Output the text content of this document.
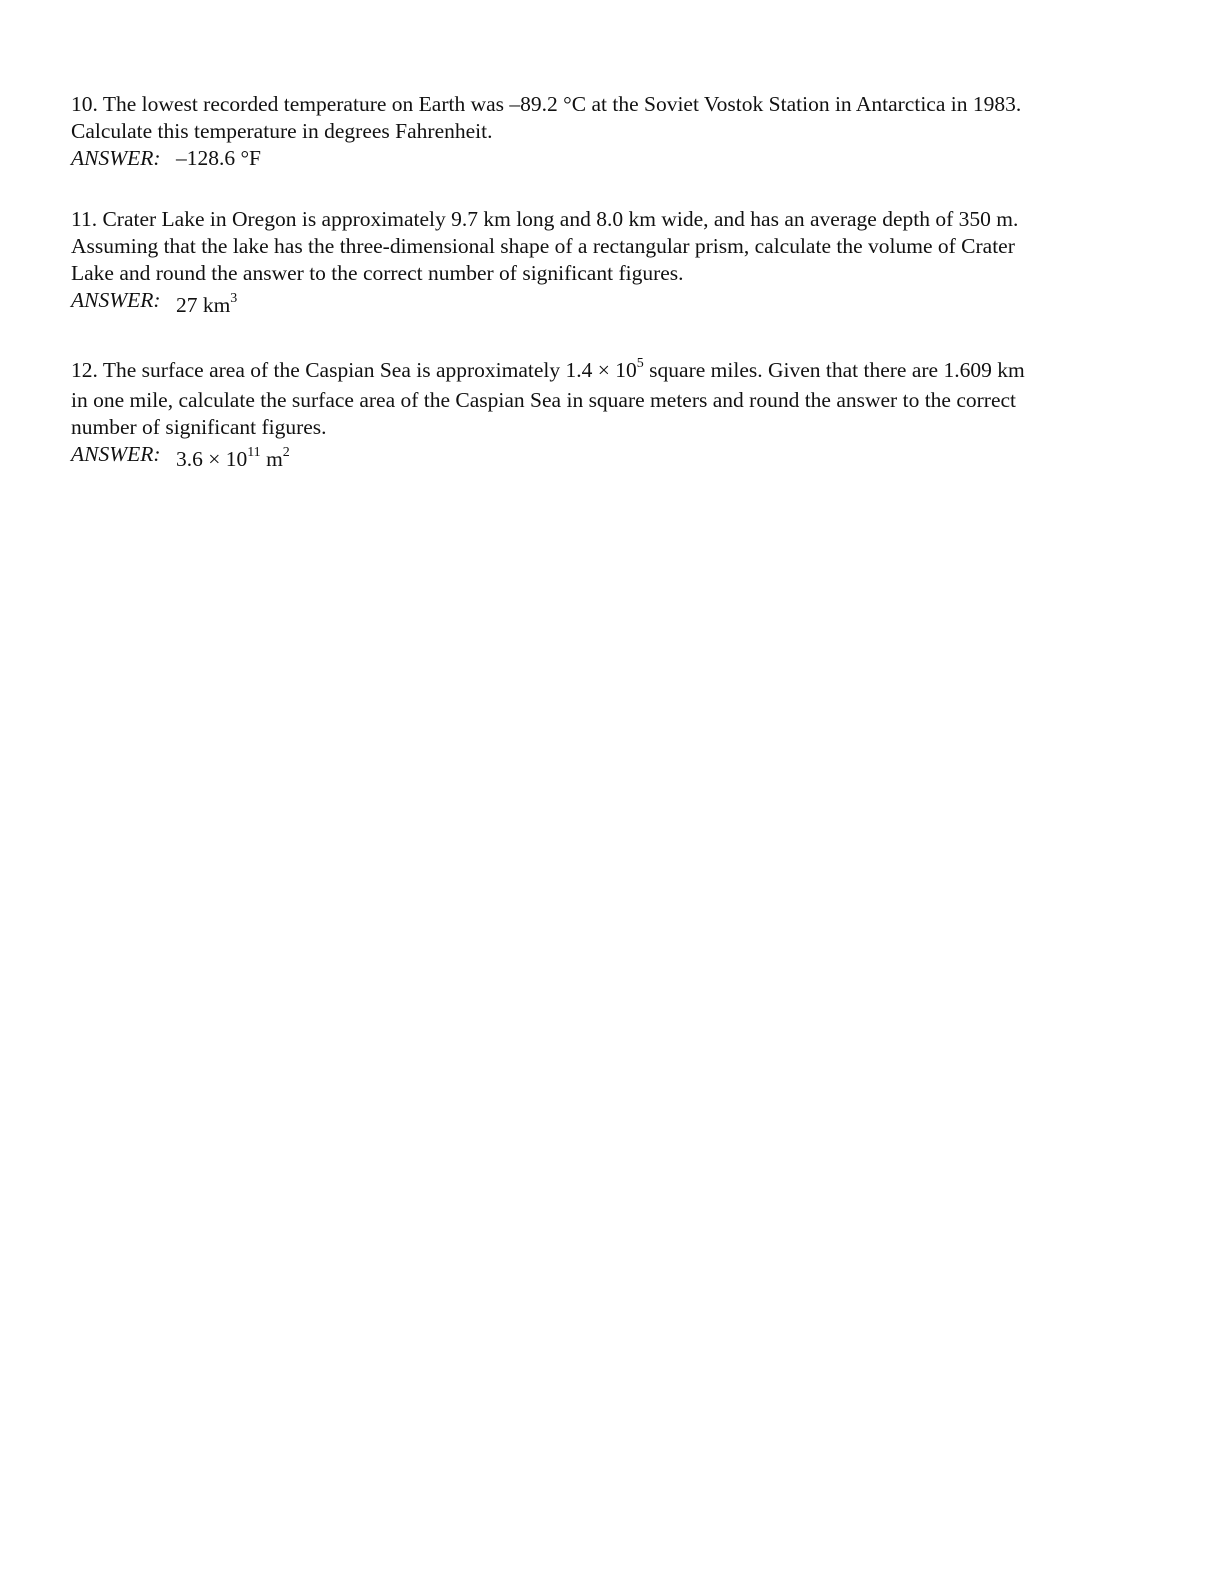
10. The lowest recorded temperature on Earth was –89.2 °C at the Soviet Vostok Station in Antarctica in 1983.
Calculate this temperature in degrees Fahrenheit.
ANSWER: –128.6 °F
11. Crater Lake in Oregon is approximately 9.7 km long and 8.0 km wide, and has an average depth of 350 m.
Assuming that the lake has the three-dimensional shape of a rectangular prism, calculate the volume of Crater
Lake and round the answer to the correct number of significant figures.
ANSWER: 27 $km^3$
12. The surface area of the Caspian Sea is approximately $1.4 \times 10^5$ square miles. Given that there are 1.609 km
in one mile, calculate the surface area of the Caspian Sea in square meters and round the answer to the correct
number of significant figures.
ANSWER: $3.6 \times 10^{11}$ $m^2$
